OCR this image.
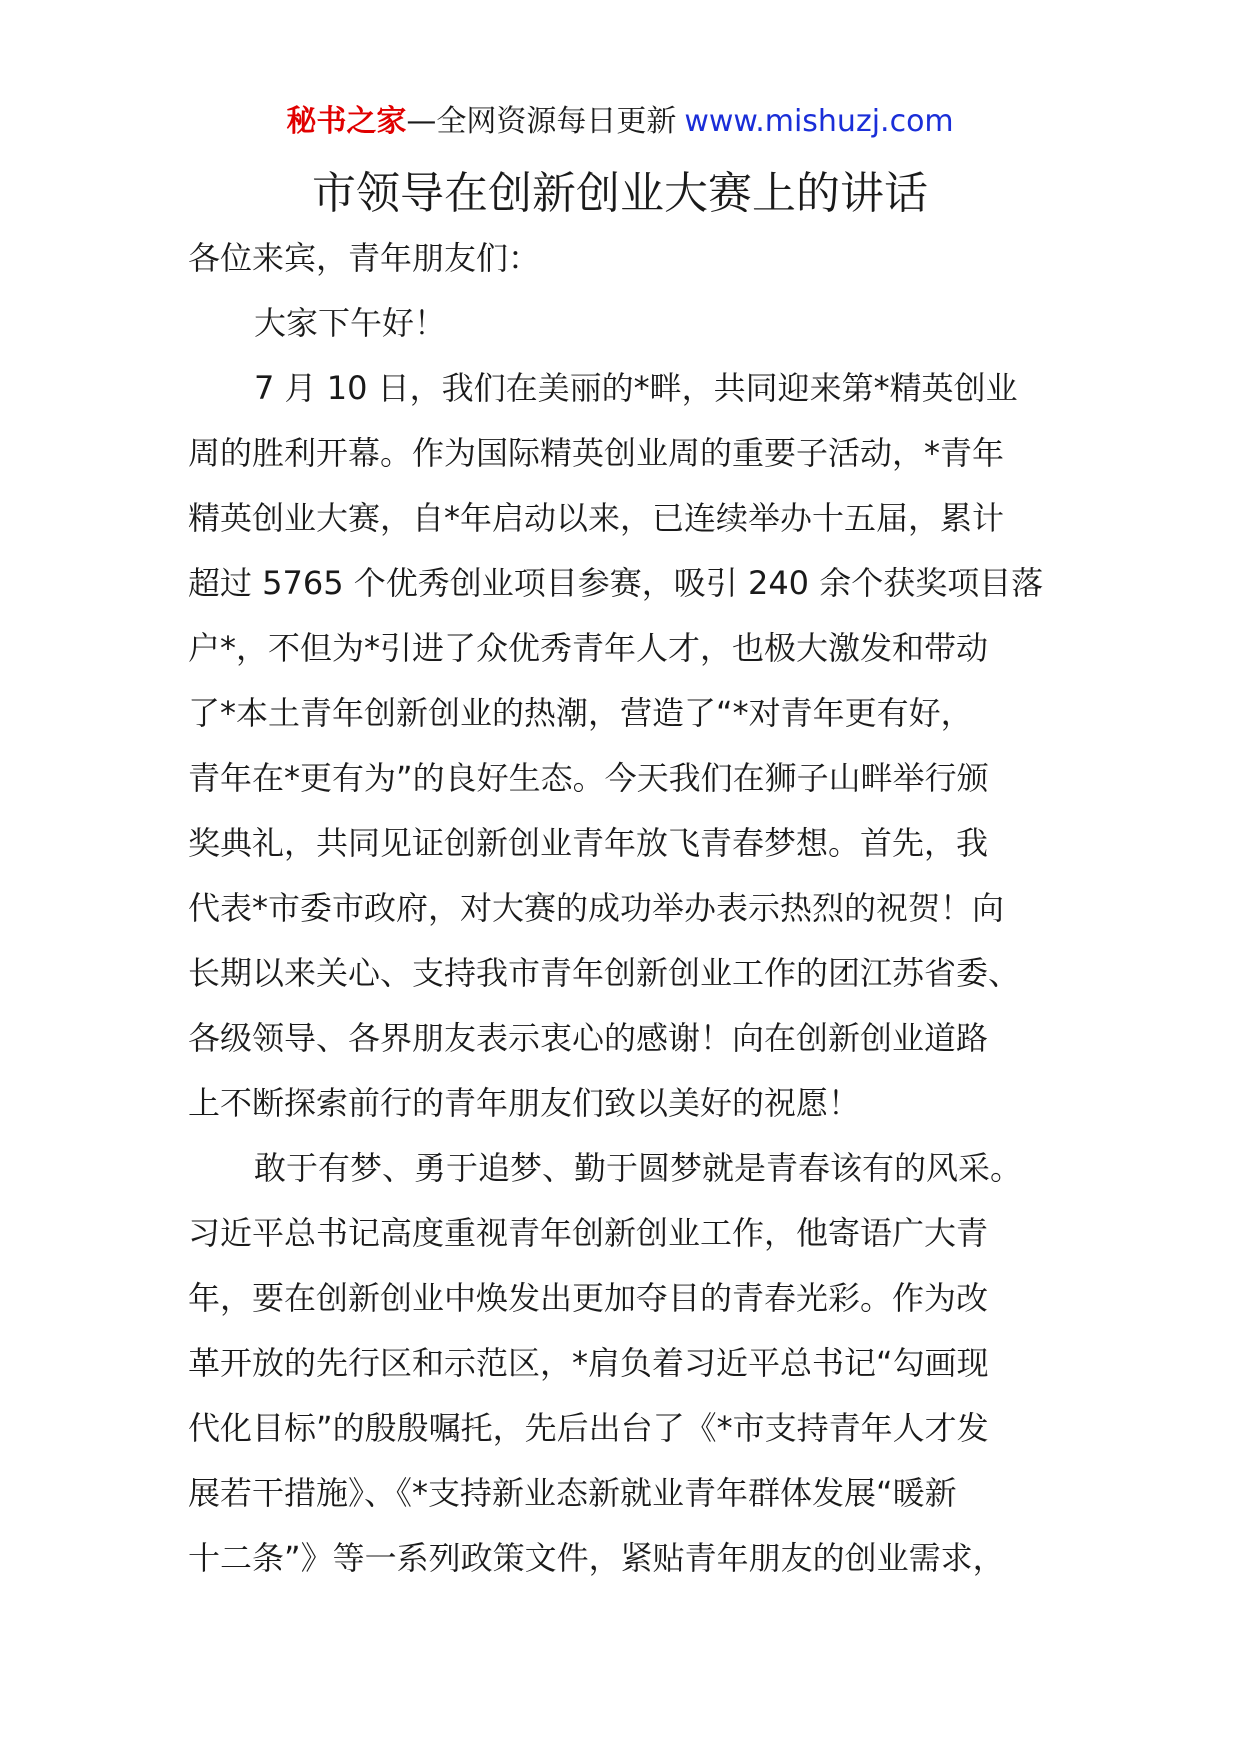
秘书之家—全网资源每日更新 www.mishuzj.com
市领导在创新创业大赛上的讲话
各位来宾，青年朋友们：
大家下午好！
7 月 10 日，我们在美丽的*畔，共同迎来第*精英创业
周的胜利开幕。作为国际精英创业周的重要子活动，*青年
精英创业大赛，自*年启动以来，已连续举办十五届，累计
超过 5765 个优秀创业项目参赛，吸引 240 余个获奖项目落
户*，不但为*引进了众优秀青年人才，也极大激发和带动
了*本土青年创新创业的热潮，营造了“*对青年更有好，
青年在*更有为”的良好生态。今天我们在狮子山畔举行颁
奖典礼，共同见证创新创业青年放飞青春梦想。首先，我
代表*市委市政府，对大赛的成功举办表示热烈的祝贺！向
长期以来关心、支持我市青年创新创业工作的团江苏省委、
各级领导、各界朋友表示衷心的感谢！向在创新创业道路
上不断探索前行的青年朋友们致以美好的祝愿！
敢于有梦、勇于追梦、勤于圆梦就是青春该有的风采。
习近平总书记高度重视青年创新创业工作，他寄语广大青
年，要在创新创业中焕发出更加夺目的青春光彩。作为改
革开放的先行区和示范区，*肩负着习近平总书记“勾画现
代化目标”的殷殷嘱托，先后出台了《*市支持青年人才发
展若干措施》、《*支持新业态新就业青年群体发展“暖新
十二条”》等一系列政策文件，紧贴青年朋友的创业需求，
